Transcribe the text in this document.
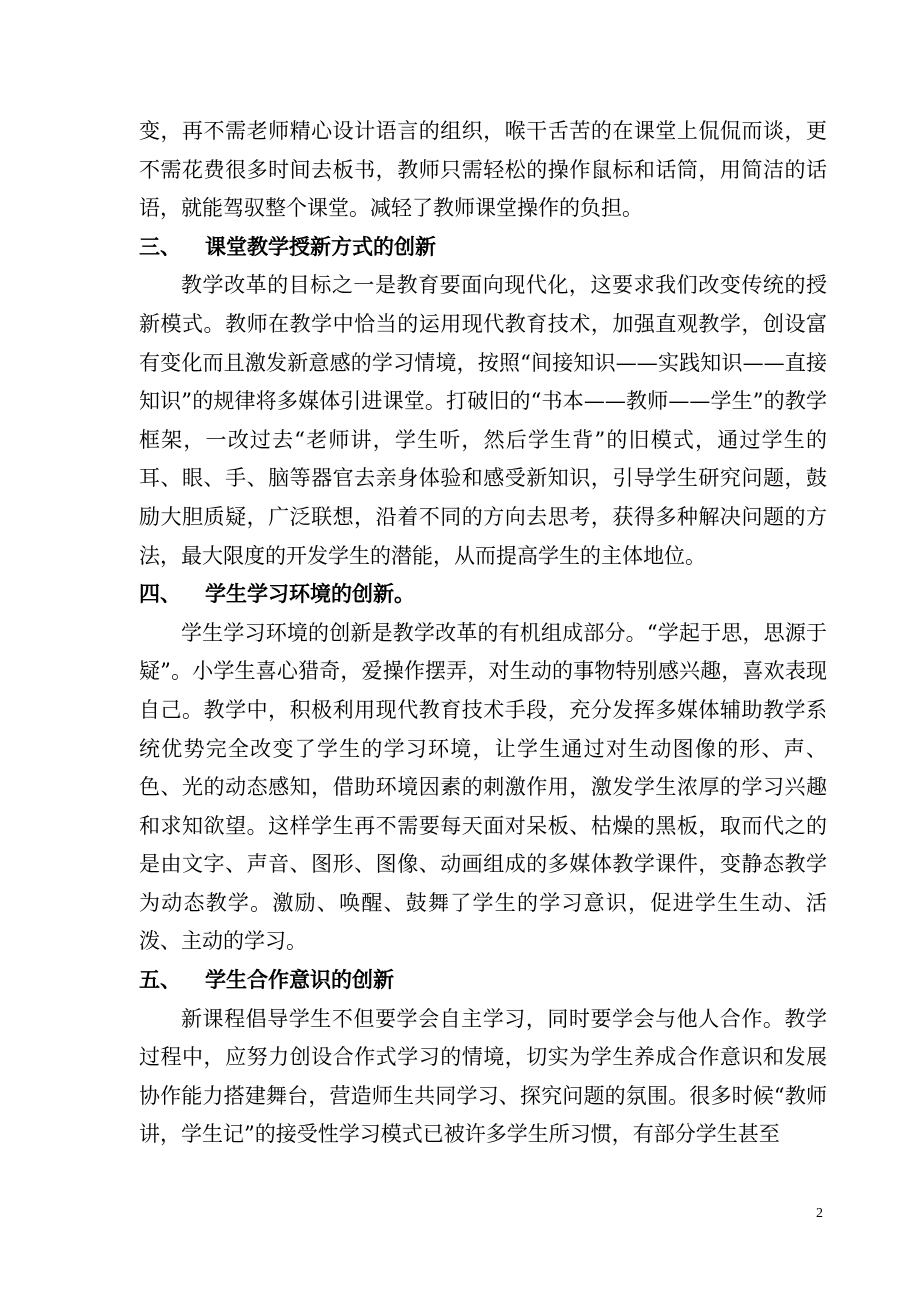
变，再不需老师精心设计语言的组织，喉干舌苦的在课堂上侃侃而谈，更不需花费很多时间去板书，教师只需轻松的操作鼠标和话筒，用简洁的话语，就能驾驭整个课堂。减轻了教师课堂操作的负担。

三、 课堂教学授新方式的创新

教学改革的目标之一是教育要面向现代化，这要求我们改变传统的授新模式。教师在教学中恰当的运用现代教育技术，加强直观教学，创设富有变化而且激发新意感的学习情境，按照“间接知识——实践知识——直接知识”的规律将多媒体引进课堂。打破旧的“书本——教师——学生”的教学框架，一改过去“老师讲，学生听，然后学生背”的旧模式，通过学生的耳、眼、手、脑等器官去亲身体验和感受新知识，引导学生研究问题，鼓励大胆质疑，广泛联想，沿着不同的方向去思考，获得多种解决问题的方法，最大限度的开发学生的潜能，从而提高学生的主体地位。

四、 学生学习环境的创新。

学生学习环境的创新是教学改革的有机组成部分。“学起于思，思源于疑”。小学生喜心猎奇，爱操作摆弄，对生动的事物特别感兴趣，喜欢表现自己。教学中，积极利用现代教育技术手段，充分发挥多媒体辅助教学系统优势完全改变了学生的学习环境，让学生通过对生动图像的形、声、色、光的动态感知，借助环境因素的刺激作用，激发学生浓厚的学习兴趣和求知欲望。这样学生再不需要每天面对呆板、枯燥的黑板，取而代之的是由文字、声音、图形、图像、动画组成的多媒体教学课件，变静态教学为动态教学。激励、唤醒、鼓舞了学生的学习意识，促进学生生动、活泼、主动的学习。

五、 学生合作意识的创新

新课程倡导学生不但要学会自主学习，同时要学会与他人合作。教学过程中，应努力创设合作式学习的情境，切实为学生养成合作意识和发展协作能力搭建舞台，营造师生共同学习、探究问题的氛围。很多时候“教师讲，学生记”的接受性学习模式已被许多学生所习惯，有部分学生甚至

2
